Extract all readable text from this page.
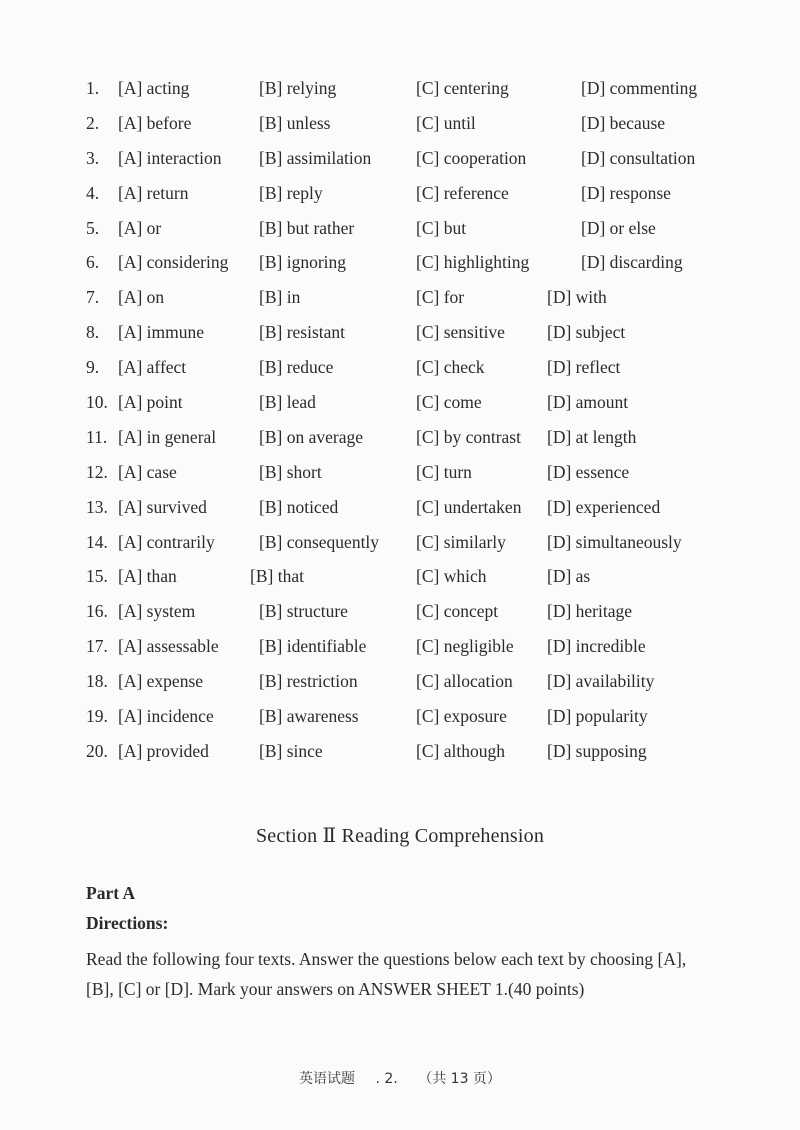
1. [A] acting	[B] relying	[C] centering	[D] commenting
2. [A] before	[B] unless	[C] until	[D] because
3. [A] interaction [B] assimilation	[C] cooperation	[D] consultation
4. [A] return	[B] reply	[C] reference	[D] response
5. [A] or	[B] but rather	[C] but	[D] or else
6. [A] considering [B] ignoring	[C] highlighting	[D] discarding
7. [A] on	[B] in	[C] for	[D] with
8. [A] immune	[B] resistant	[C] sensitive [D] subject
9. [A] affect	[B] reduce	[C] check	[D] reflect
10. [A] point	[B] lead	[C] come	[D] amount
11. [A] in general [B] on average	[C] by contrast [D] at length
12. [A] case	[B] short	[C] turn	[D] essence
13. [A] survived	[B] noticed	[C] undertaken [D] experienced
14. [A] contrarily	[B] consequently [C] similarly [D] simultaneously
15. [A] than	[B] that	[C] which	[D] as
16. [A] system	[B] structure	[C] concept	[D] heritage
17. [A] assessable [B] identifiable	[C] negligible [D] incredible
18. [A] expense	[B] restriction	[C] allocation [D] availability
19. [A] incidence	[B] awareness	[C] exposure [D] popularity
20. [A] provided	[B] since	[C] although [D] supposing
Section Ⅱ Reading Comprehension
Part A
Directions:
Read the following four texts. Answer the questions below each text by choosing [A],
[B], [C] or [D]. Mark your answers on ANSWER SHEET 1.(40 points)
英语试题 . 2. （共 13 页）
